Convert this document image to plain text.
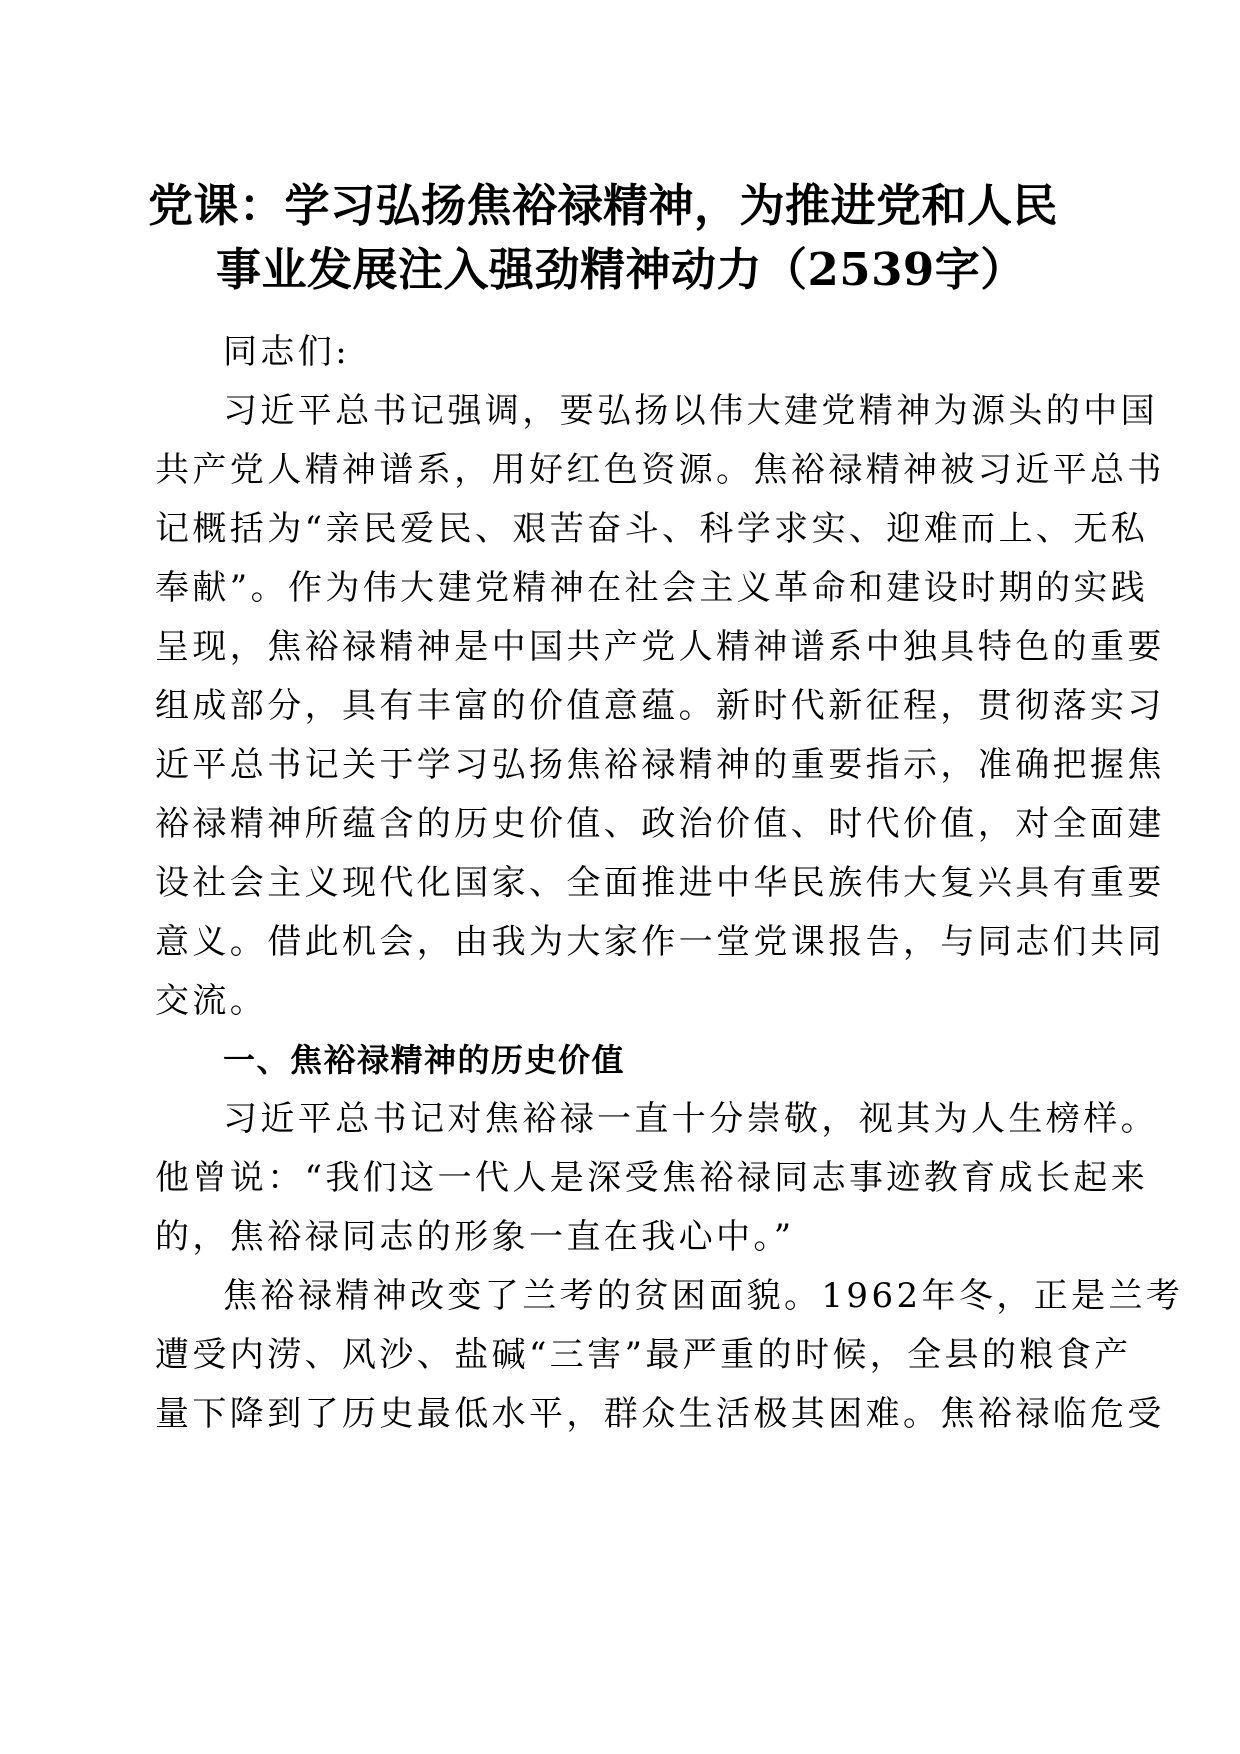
党课：学习弘扬焦裕禄精神，为推进党和人民
事业发展注入强劲精神动力（2539字）
同志们:
习近平总书记强调，要弘扬以伟大建党精神为源头的中国
共产党人精神谱系，用好红色资源。焦裕禄精神被习近平总书
记概括为“亲民爱民、艰苦奋斗、科学求实、迎难而上、无私
奉献”。作为伟大建党精神在社会主义革命和建设时期的实践
呈现，焦裕禄精神是中国共产党人精神谱系中独具特色的重要
组成部分，具有丰富的价值意蕴。新时代新征程，贯彻落实习
近平总书记关于学习弘扬焦裕禄精神的重要指示，准确把握焦
裕禄精神所蕴含的历史价值、政治价值、时代价值，对全面建
设社会主义现代化国家、全面推进中华民族伟大复兴具有重要
意义。借此机会，由我为大家作一堂党课报告，与同志们共同
交流。
一、焦裕禄精神的历史价值
习近平总书记对焦裕禄一直十分崇敬，视其为人生榜样。
他曾说：“我们这一代人是深受焦裕禄同志事迹教育成长起来
的，焦裕禄同志的形象一直在我心中。”
焦裕禄精神改变了兰考的贫困面貌。1962年冬，正是兰考
遭受内涝、风沙、盐碱“三害”最严重的时候，全县的粮食产
量下降到了历史最低水平，群众生活极其困难。焦裕禄临危受
